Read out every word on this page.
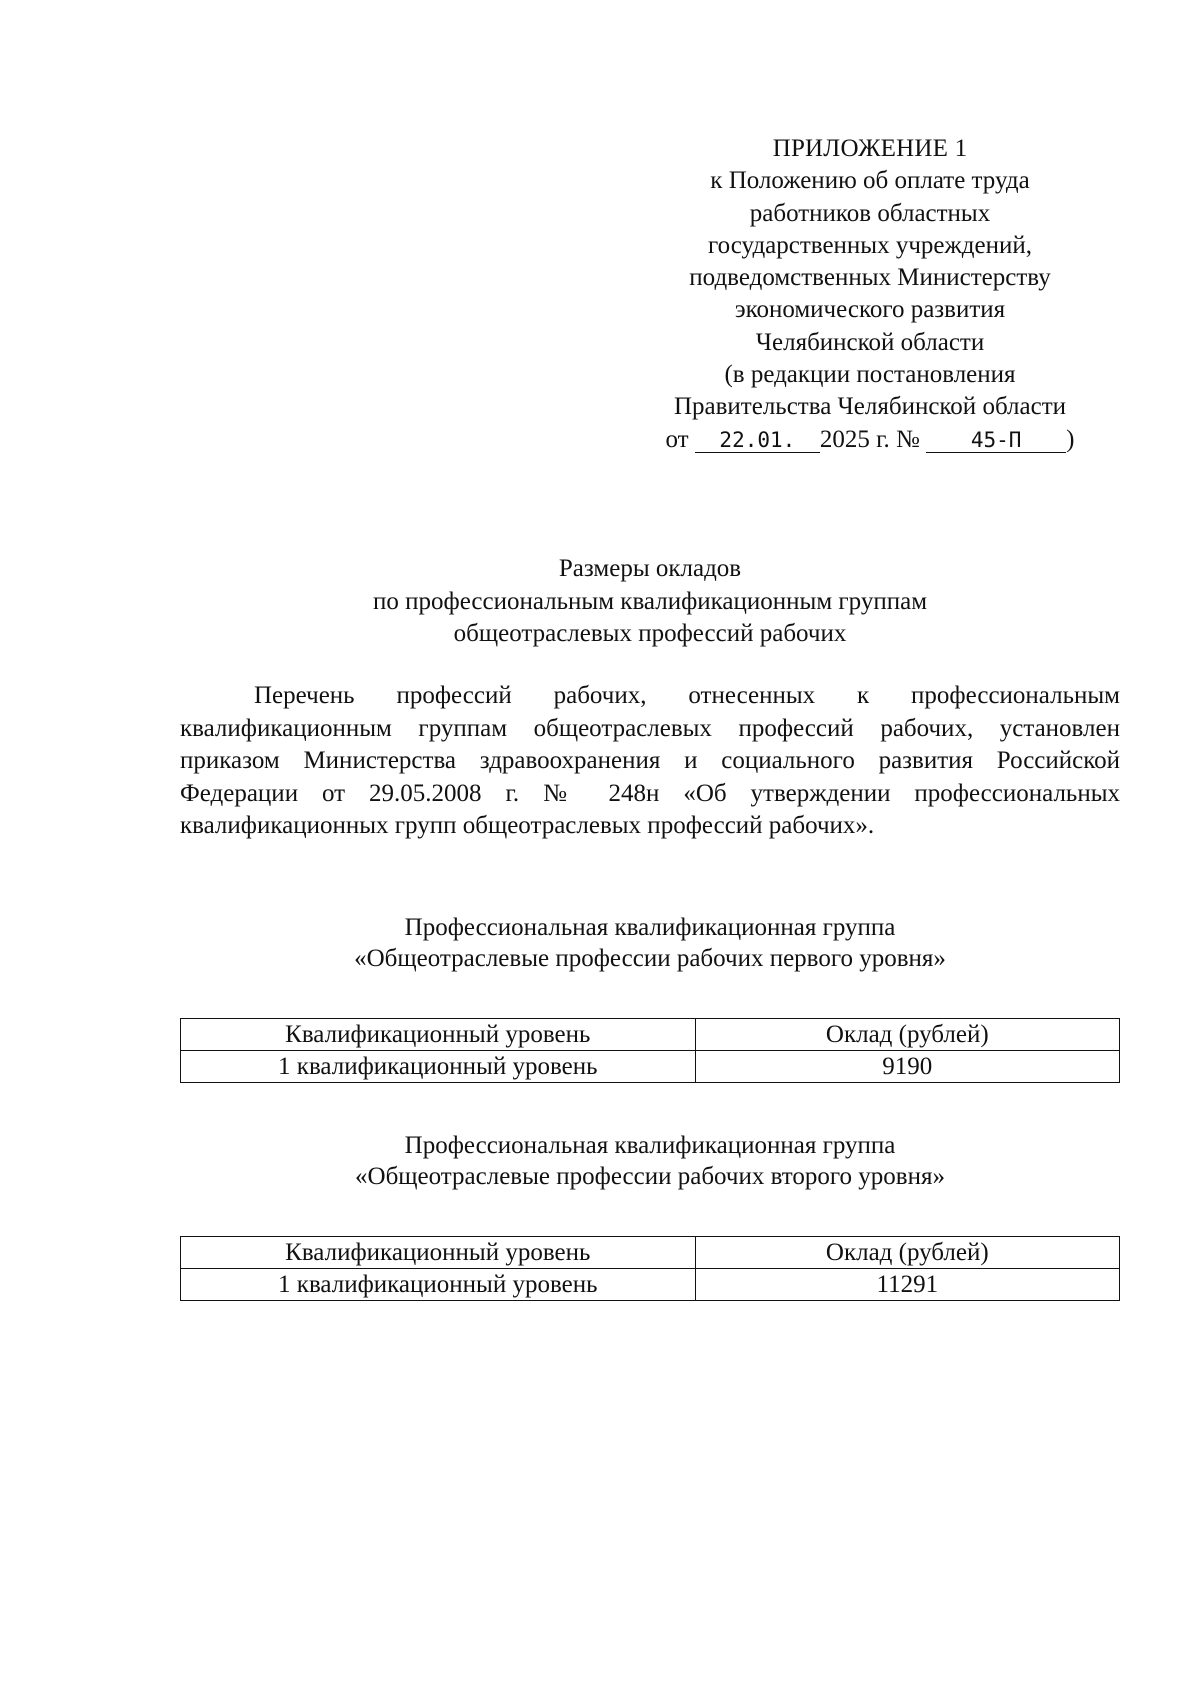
ПРИЛОЖЕНИЕ 1
к Положению об оплате труда
работников областных
государственных учреждений,
подведомственных Министерству
экономического развития
Челябинской области
(в редакции постановления
Правительства Челябинской области
от 22.01. 2025 г. № 45-П )
Размеры окладов
по профессиональным квалификационным группам
общеотраслевых профессий рабочих
Перечень профессий рабочих, отнесенных к профессиональным квалификационным группам общеотраслевых профессий рабочих, установлен приказом Министерства здравоохранения и социального развития Российской Федерации от 29.05.2008 г. № 248н «Об утверждении профессиональных квалификационных групп общеотраслевых профессий рабочих».
Профессиональная квалификационная группа
«Общеотраслевые профессии рабочих первого уровня»
Квалификационный уровень	Оклад (рублей)
1 квалификационный уровень	9190
Профессиональная квалификационная группа
«Общеотраслевые профессии рабочих второго уровня»
Квалификационный уровень	Оклад (рублей)
1 квалификационный уровень	11291
